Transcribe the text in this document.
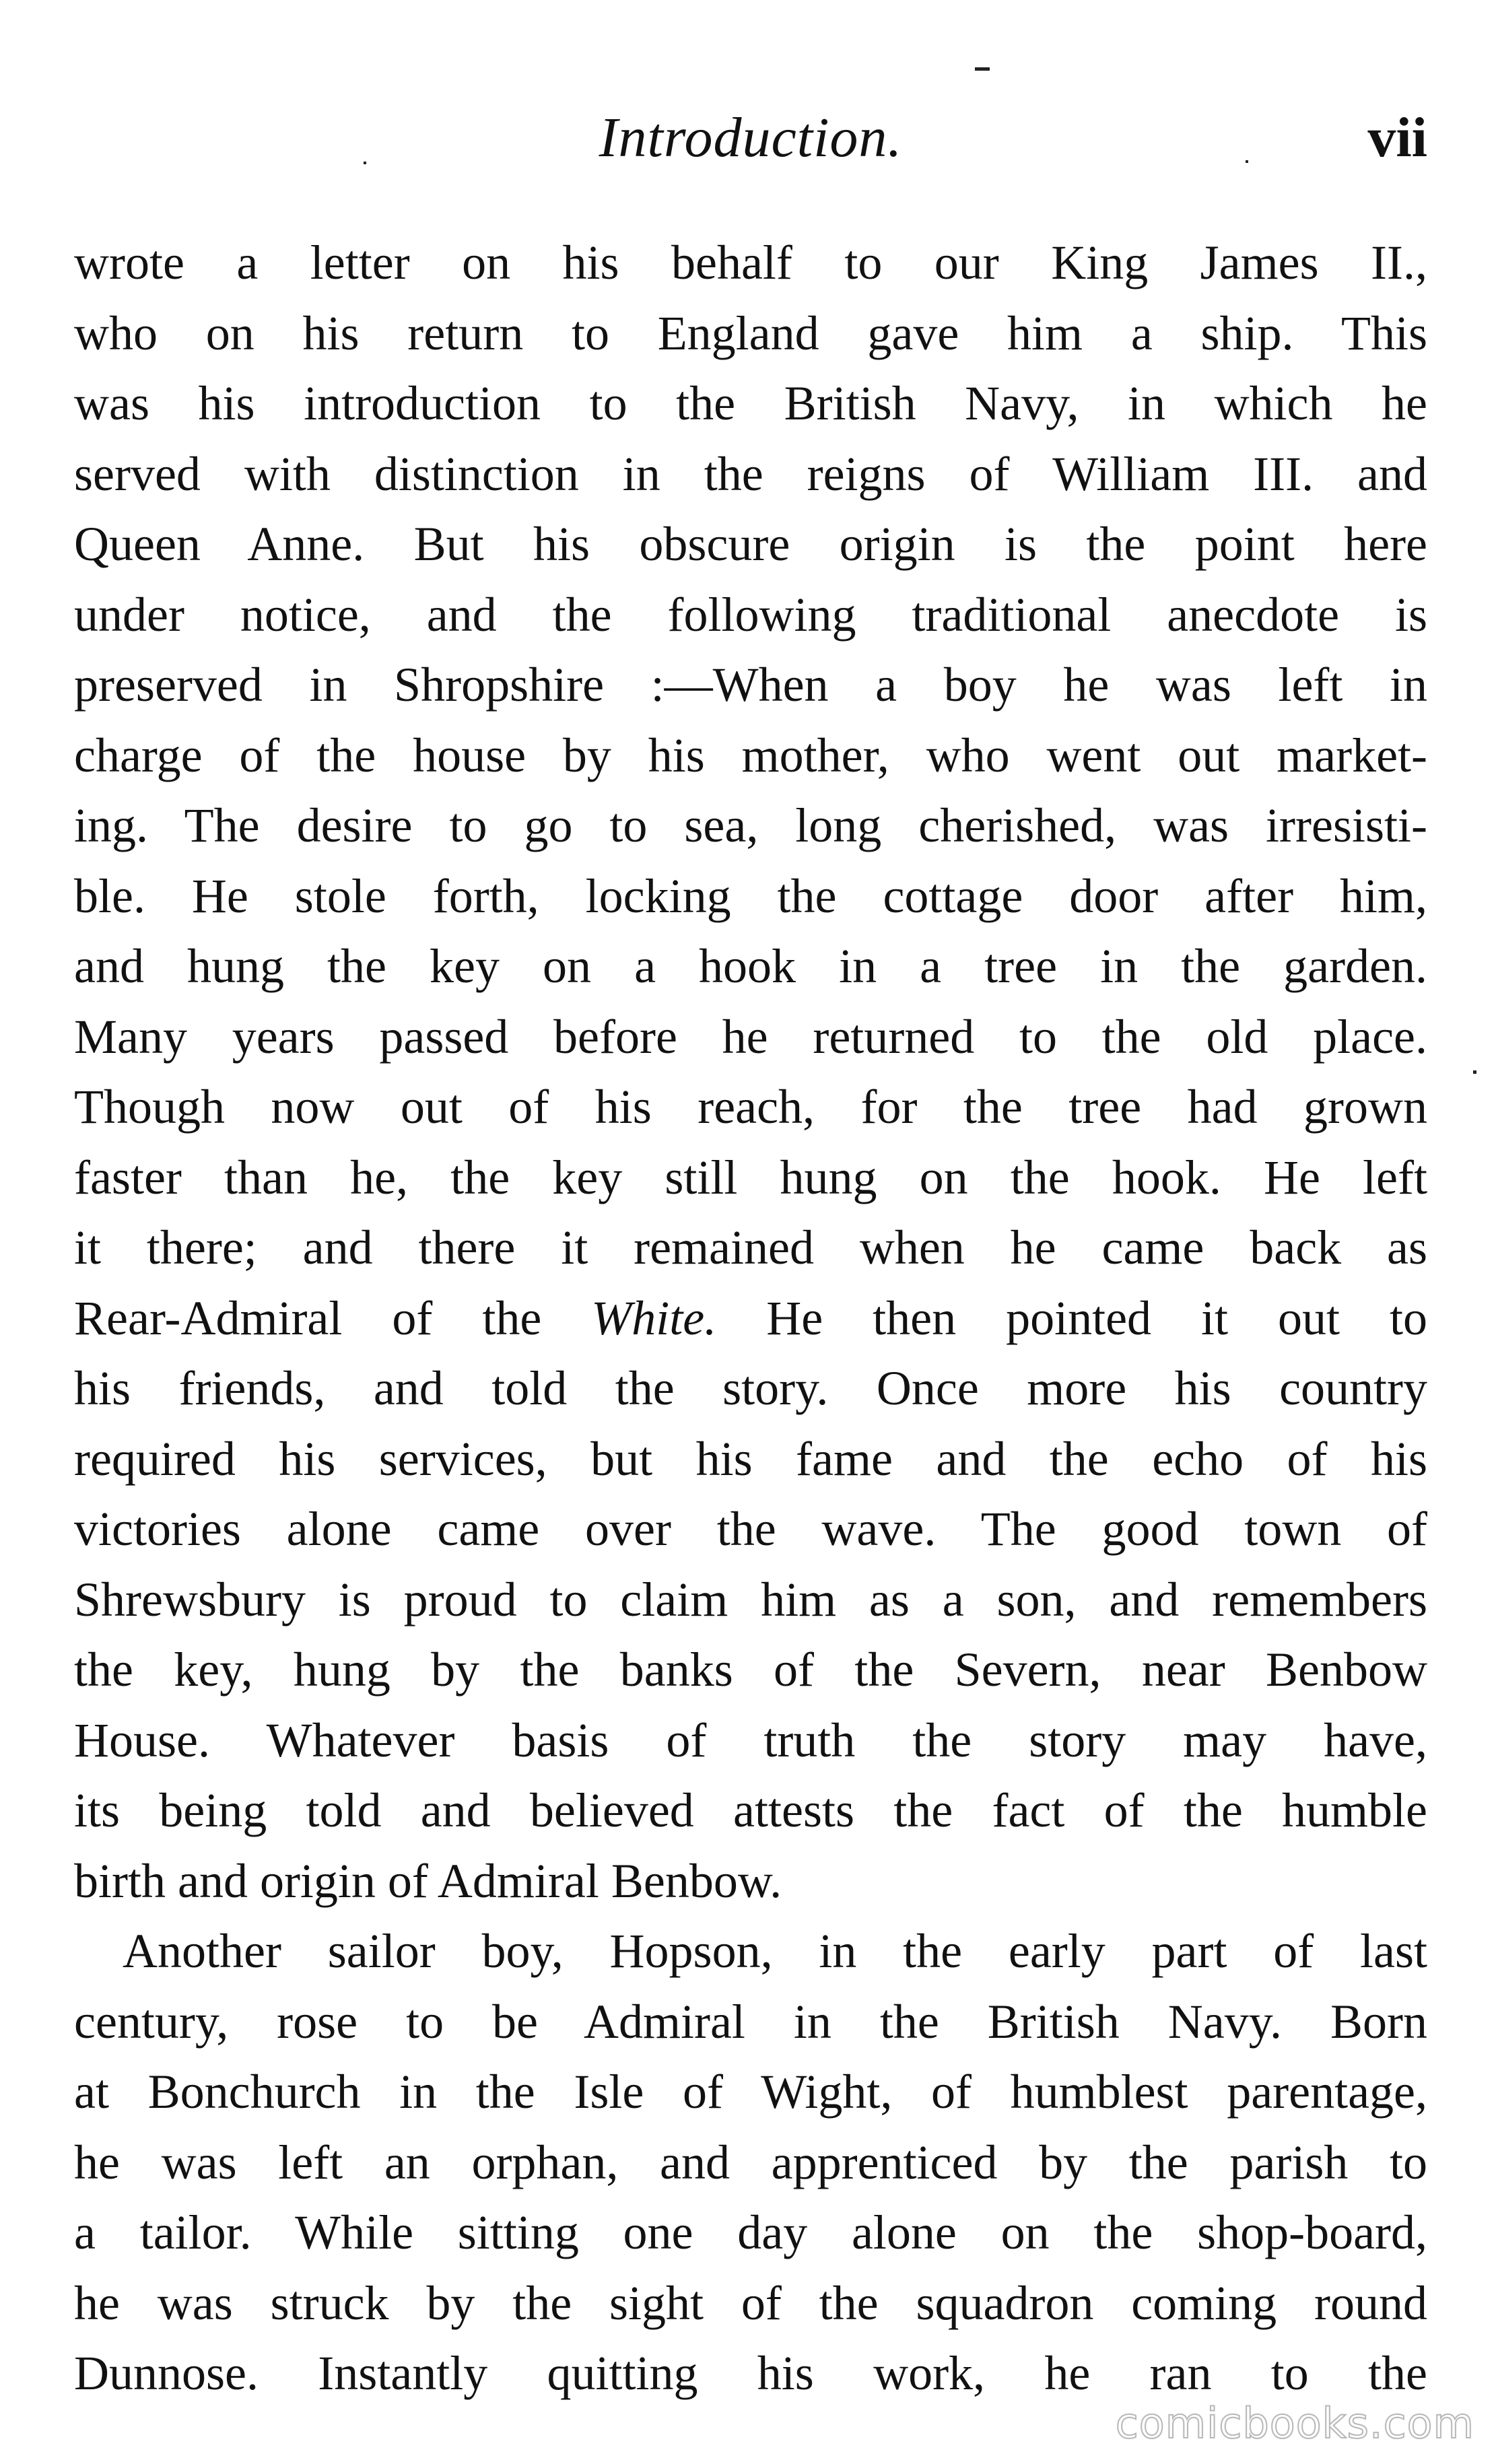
Introduction.	vii

wrote a letter on his behalf to our King James II.,
who on his return to England gave him a ship. This
was his introduction to the British Navy, in which he
served with distinction in the reigns of William III. and
Queen Anne. But his obscure origin is the point here
under notice, and the following traditional anecdote is
preserved in Shropshire :—When a boy he was left in
charge of the house by his mother, who went out market-
ing. The desire to go to sea, long cherished, was irresisti-
ble. He stole forth, locking the cottage door after him,
and hung the key on a hook in a tree in the garden.
Many years passed before he returned to the old place.
Though now out of his reach, for the tree had grown
faster than he, the key still hung on the hook. He left
it there; and there it remained when he came back as
Rear-Admiral of the White. He then pointed it out to
his friends, and told the story. Once more his country
required his services, but his fame and the echo of his
victories alone came over the wave. The good town of
Shrewsbury is proud to claim him as a son, and remembers
the key, hung by the banks of the Severn, near Benbow
House. Whatever basis of truth the story may have,
its being told and believed attests the fact of the humble
birth and origin of Admiral Benbow.

Another sailor boy, Hopson, in the early part of last
century, rose to be Admiral in the British Navy. Born
at Bonchurch in the Isle of Wight, of humblest parentage,
he was left an orphan, and apprenticed by the parish to
a tailor. While sitting one day alone on the shop-board,
he was struck by the sight of the squadron coming round
Dunnose. Instantly quitting his work, he ran to the

comicbooks.com
